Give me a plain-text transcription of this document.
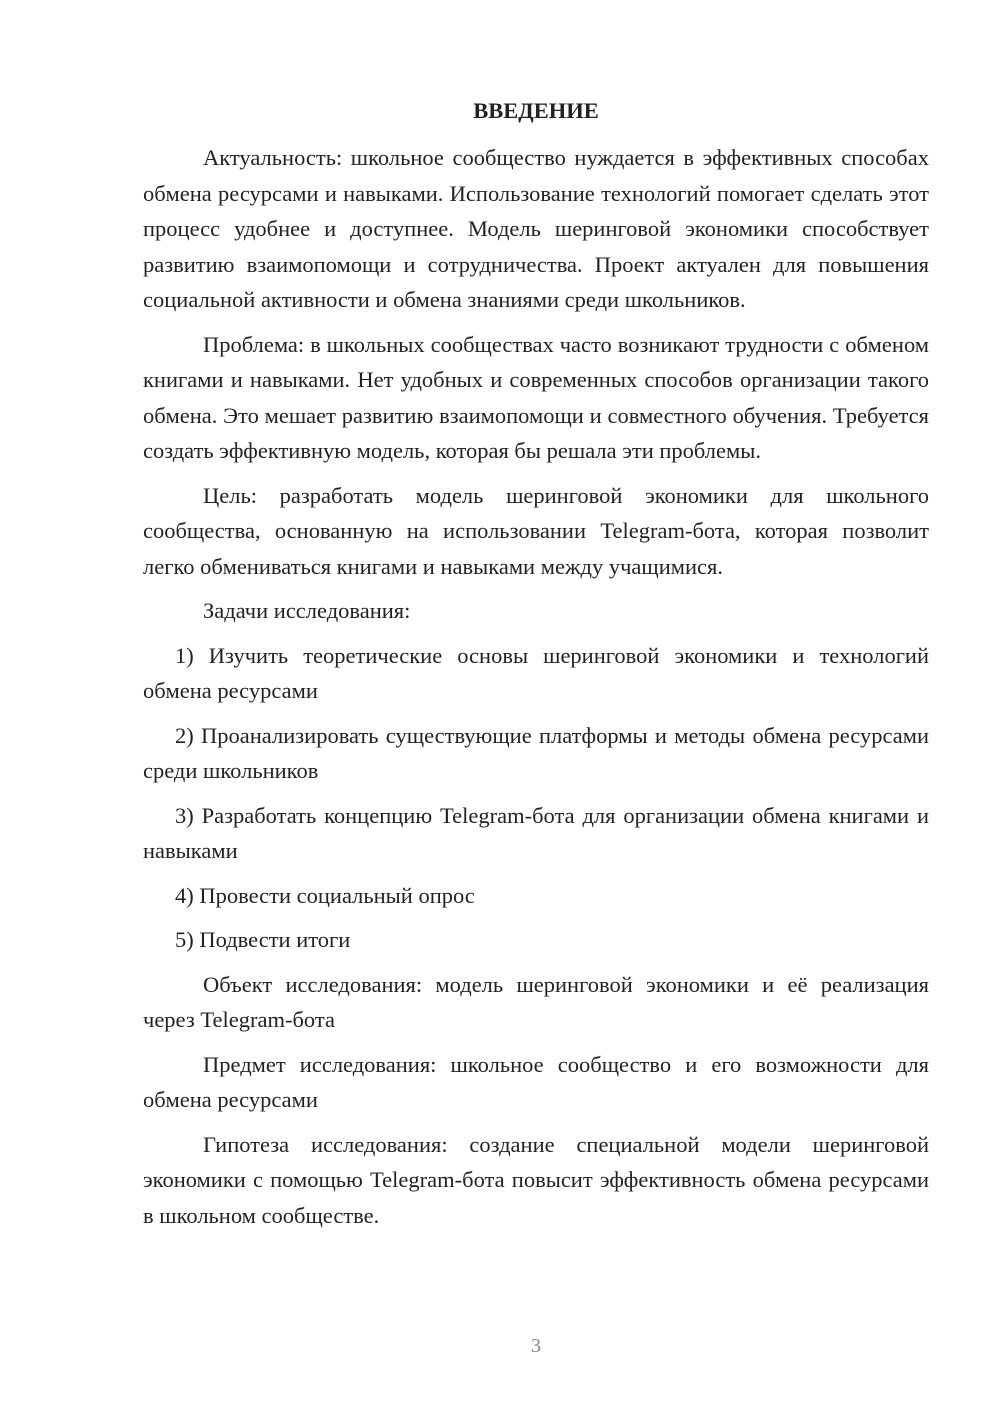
ВВЕДЕНИЕ

Актуальность: школьное сообщество нуждается в эффективных способах обмена ресурсами и навыками. Использование технологий помогает сделать этот процесс удобнее и доступнее. Модель шеринговой экономики способствует развитию взаимопомощи и сотрудничества. Проект актуален для повышения социальной активности и обмена знаниями среди школьников.

Проблема: в школьных сообществах часто возникают трудности с обменом книгами и навыками. Нет удобных и современных способов организации такого обмена. Это мешает развитию взаимопомощи и совместного обучения. Требуется создать эффективную модель, которая бы решала эти проблемы.

Цель: разработать модель шеринговой экономики для школьного сообщества, основанную на использовании Telegram-бота, которая позволит легко обмениваться книгами и навыками между учащимися.

Задачи исследования:

1) Изучить теоретические основы шеринговой экономики и технологий обмена ресурсами

2) Проанализировать существующие платформы и методы обмена ресурсами среди школьников

3) Разработать концепцию Telegram-бота для организации обмена книгами и навыками

4) Провести социальный опрос

5) Подвести итоги

Объект исследования: модель шеринговой экономики и её реализация через Telegram-бота

Предмет исследования: школьное сообщество и его возможности для обмена ресурсами

Гипотеза исследования: создание специальной модели шеринговой экономики с помощью Telegram-бота повысит эффективность обмена ресурсами в школьном сообществе.

3
